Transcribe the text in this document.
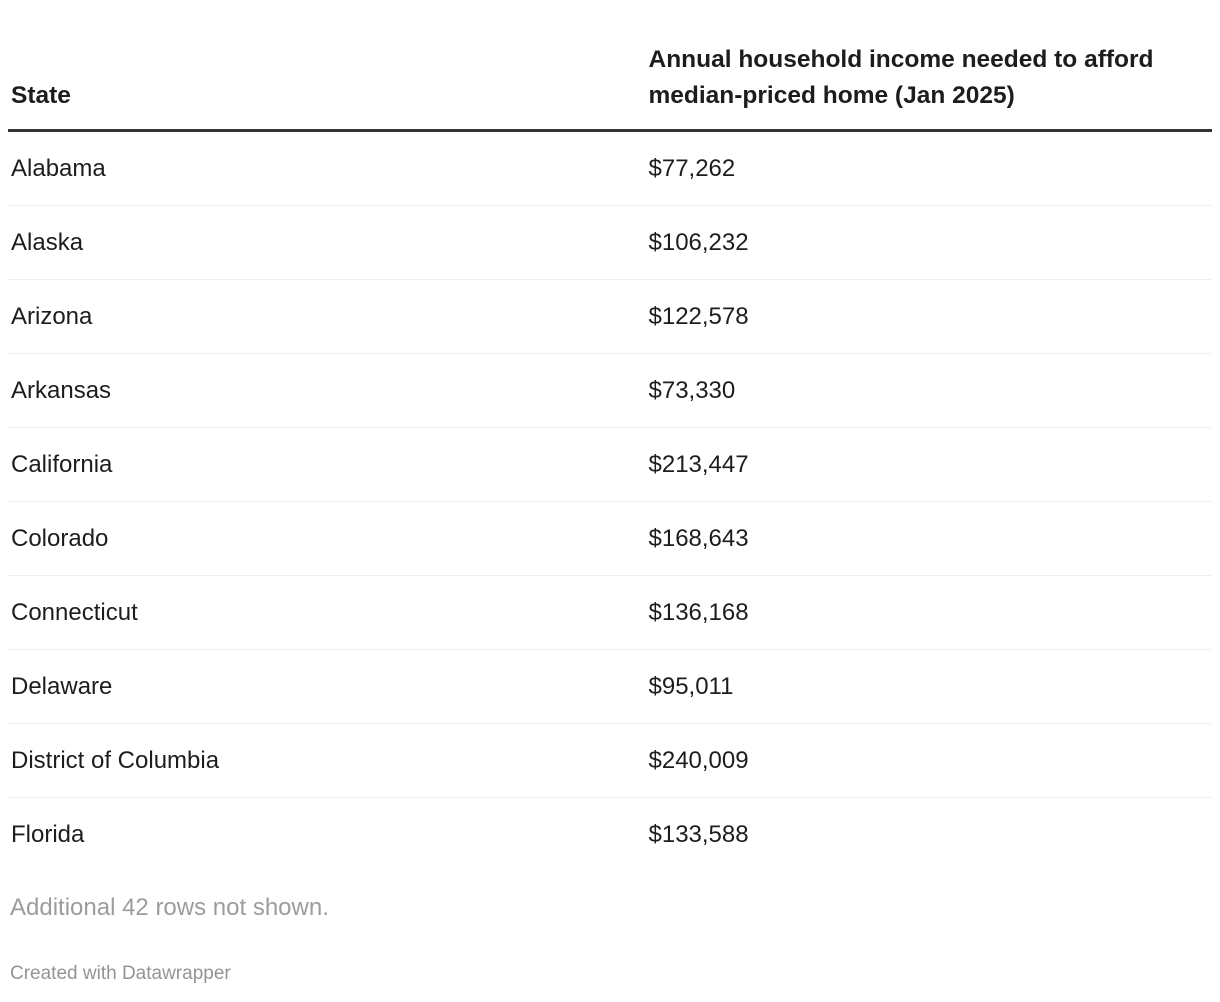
State	Annual household income needed to afford median-priced home (Jan 2025)
Alabama	$77,262
Alaska	$106,232
Arizona	$122,578
Arkansas	$73,330
California	$213,447
Colorado	$168,643
Connecticut	$136,168
Delaware	$95,011
District of Columbia	$240,009
Florida	$133,588
Additional 42 rows not shown.
Created with Datawrapper
